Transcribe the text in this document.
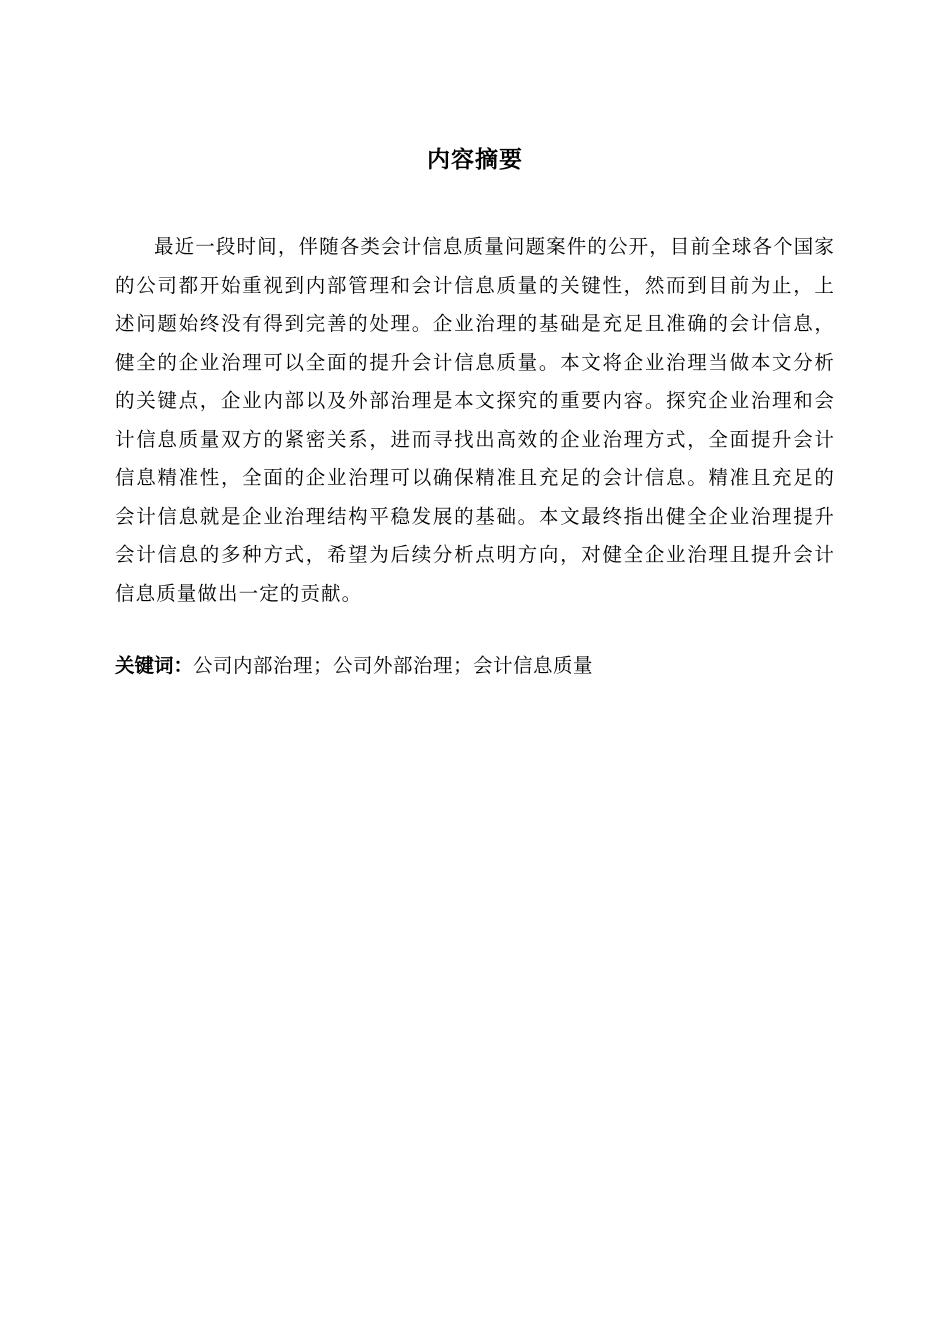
内容摘要

最近一段时间，伴随各类会计信息质量问题案件的公开，目前全球各个国家的公司都开始重视到内部管理和会计信息质量的关键性，然而到目前为止，上述问题始终没有得到完善的处理。企业治理的基础是充足且准确的会计信息，健全的企业治理可以全面的提升会计信息质量。本文将企业治理当做本文分析的关键点，企业内部以及外部治理是本文探究的重要内容。探究企业治理和会计信息质量双方的紧密关系，进而寻找出高效的企业治理方式，全面提升会计信息精准性，全面的企业治理可以确保精准且充足的会计信息。精准且充足的会计信息就是企业治理结构平稳发展的基础。本文最终指出健全企业治理提升会计信息的多种方式，希望为后续分析点明方向，对健全企业治理且提升会计信息质量做出一定的贡献。

关键词：公司内部治理；公司外部治理；会计信息质量
